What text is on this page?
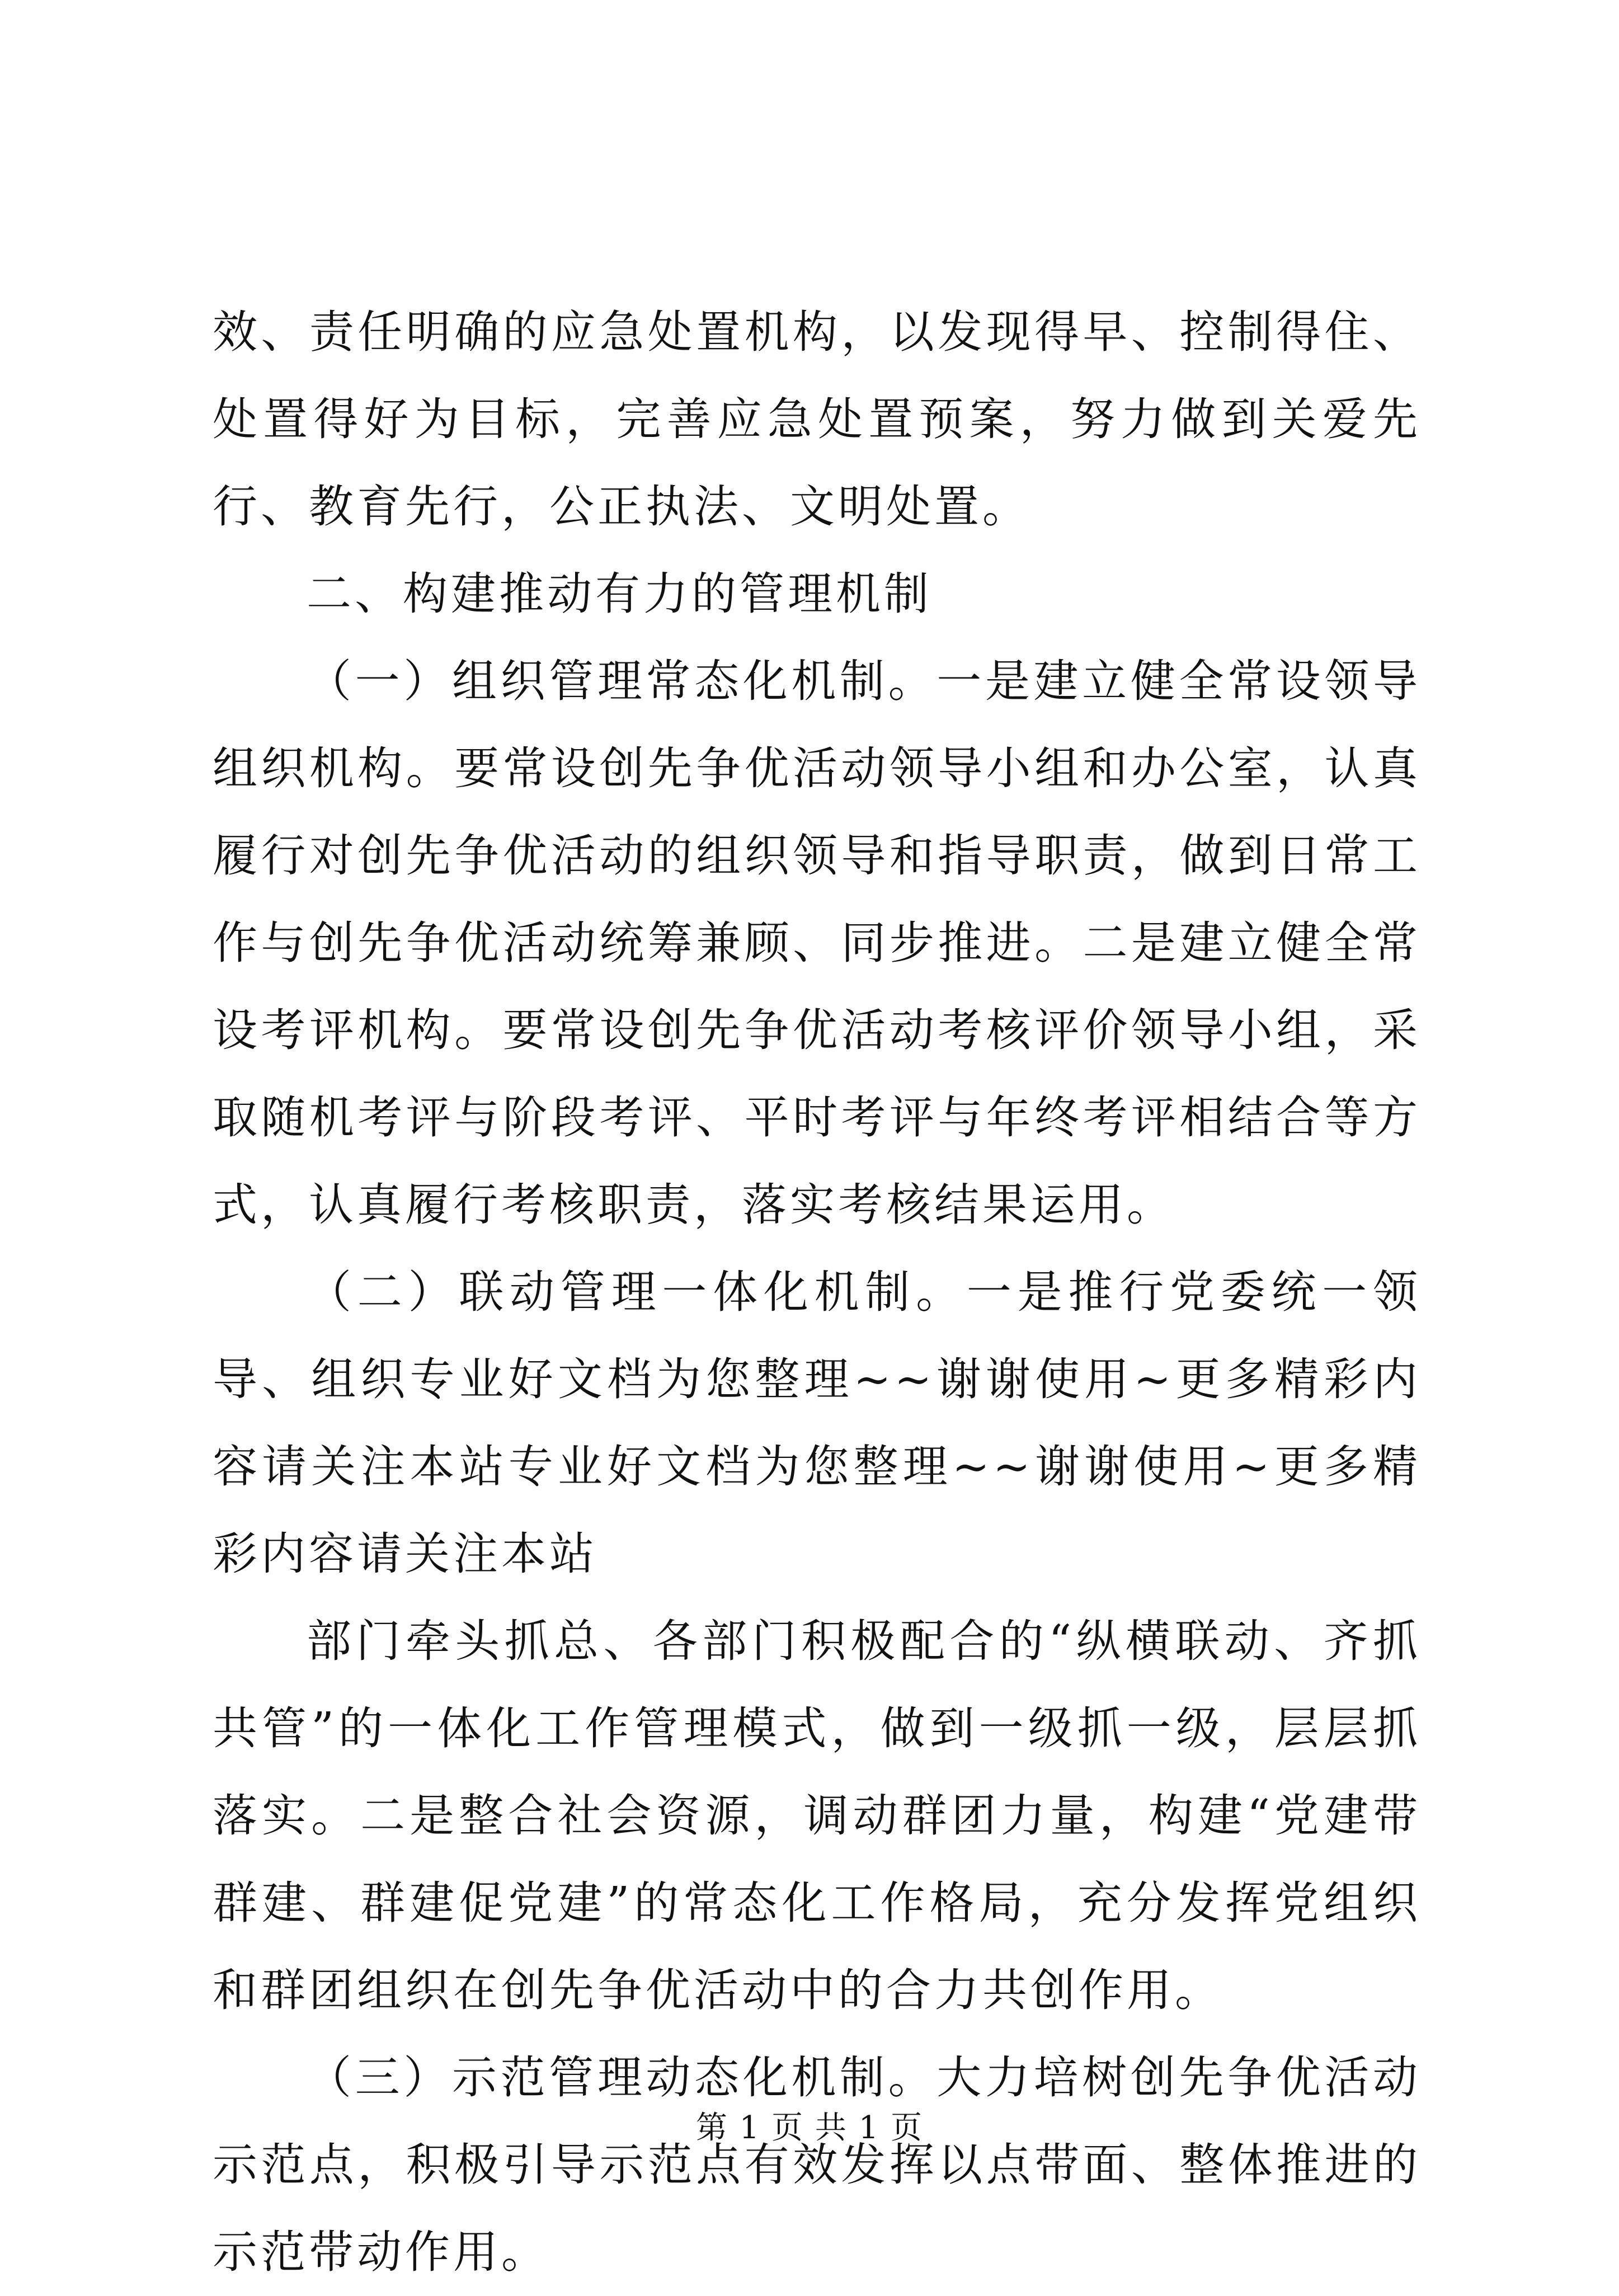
效、责任明确的应急处置机构，以发现得早、控制得住、处置得好为目标，完善应急处置预案，努力做到关爱先行、教育先行，公正执法、文明处置。

二、构建推动有力的管理机制

（一）组织管理常态化机制。一是建立健全常设领导组织机构。要常设创先争优活动领导小组和办公室，认真履行对创先争优活动的组织领导和指导职责，做到日常工作与创先争优活动统筹兼顾、同步推进。二是建立健全常设考评机构。要常设创先争优活动考核评价领导小组，采取随机考评与阶段考评、平时考评与年终考评相结合等方式，认真履行考核职责，落实考核结果运用。

（二）联动管理一体化机制。一是推行党委统一领导、组织专业好文档为您整理~~谢谢使用~更多精彩内容请关注本站专业好文档为您整理~~谢谢使用~更多精彩内容请关注本站

部门牵头抓总、各部门积极配合的“纵横联动、齐抓共管”的一体化工作管理模式，做到一级抓一级，层层抓落实。二是整合社会资源，调动群团力量，构建“党建带群建、群建促党建”的常态化工作格局，充分发挥党组织和群团组织在创先争优活动中的合力共创作用。

（三）示范管理动态化机制。大力培树创先争优活动示范点，积极引导示范点有效发挥以点带面、整体推进的示范带动作用。

第 1 页 共 1 页
